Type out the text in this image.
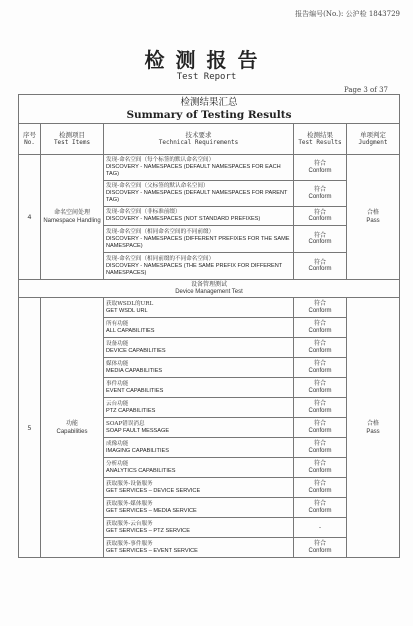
报告编号(No.): 公沪检 1843729
检测报告
Test Report
Page 3 of 37
检测结果汇总
Summary of Testing Results				

序号
No.	检测项目
Test Items	技术要求
Technical Requirements	检测结果
Test Results	单项判定
Judgment

4	命名空间处理
Namespace Handling	发现-命名空间（每个标签的默认命名空间）
DISCOVERY - NAMESPACES (DEFAULT NAMESPACES FOR EACH TAG)	符合
Conform	合格
Pass

		发现-命名空间（父标签的默认命名空间）
DISCOVERY - NAMESPACES (DEFAULT NAMESPACES FOR PARENT TAG)	符合
Conform	

		发现-命名空间（非标准前缀）
DISCOVERY - NAMESPACES (NOT STANDARD PREFIXES)	符合
Conform	

		发现-命名空间（相同命名空间的不同前缀）
DISCOVERY - NAMESPACES (DIFFERENT PREFIXES FOR THE SAME NAMESPACE)	符合
Conform	

		发现-命名空间（相同前缀的不同命名空间）
DISCOVERY - NAMESPACES (THE SAME PREFIX FOR DIFFERENT NAMESPACES)	符合
Conform	

设备管理测试
Device Management Test				

5	功能
Capabilities	获取WSDL的URL
GET WSDL URL	符合
Conform	合格
Pass

		所有功能
ALL CAPABILITIES	符合
Conform	

		设备功能
DEVICE CAPABILITIES	符合
Conform	

		媒体功能
MEDIA CAPABILITIES	符合
Conform	

		事件功能
EVENT CAPABILITIES	符合
Conform	

		云台功能
PTZ CAPABILITIES	符合
Conform	

		SOAP错误消息
SOAP FAULT MESSAGE	符合
Conform	

		成像功能
IMAGING CAPABILITIES	符合
Conform	

		分析功能
ANALYTICS CAPABILITIES	符合
Conform	

		获取服务-设备服务
GET SERVICES – DEVICE SERVICE	符合
Conform	

		获取服务-媒体服务
GET SERVICES – MEDIA SERVICE	符合
Conform	

		获取服务-云台服务
GET SERVICES – PTZ SERVICE	-	

		获取服务-事件服务
GET SERVICES – EVENT SERVICE	符合
Conform	
